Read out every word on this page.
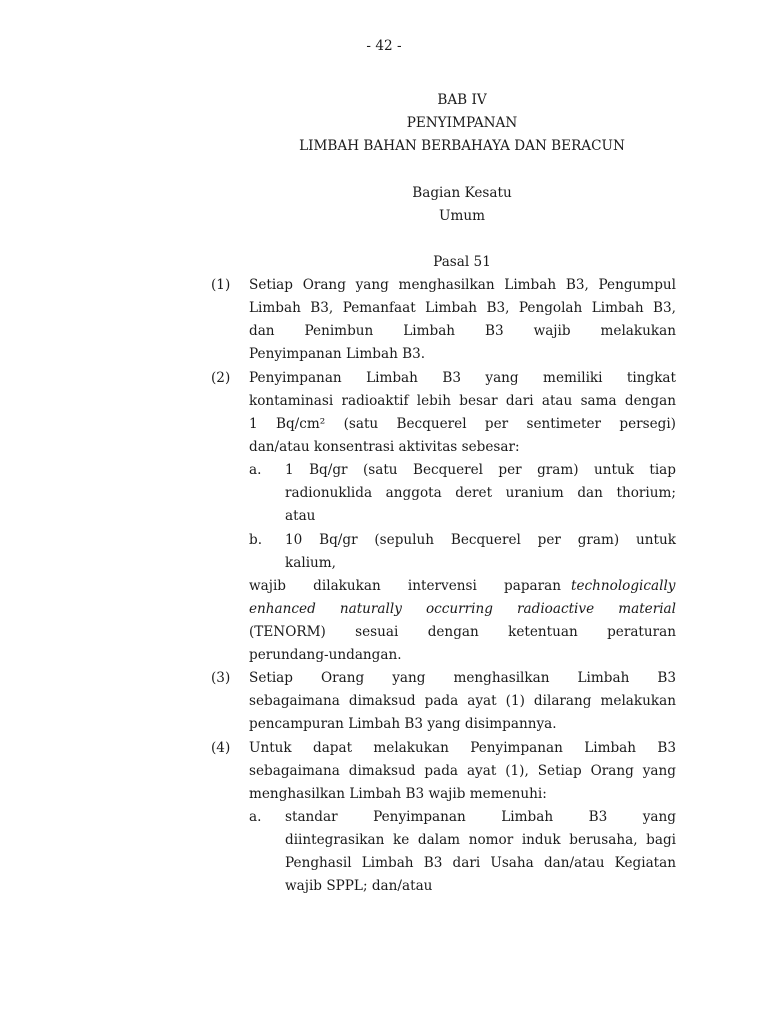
- 42 -
BAB IV
PENYIMPANAN
LIMBAH BAHAN BERBAHAYA DAN BERACUN
Bagian Kesatu
Umum
Pasal 51
(1) Setiap Orang yang menghasilkan Limbah B3, Pengumpul
Limbah B3, Pemanfaat Limbah B3, Pengolah Limbah B3,
dan Penimbun Limbah B3 wajib melakukan
Penyimpanan Limbah B3.
(2) Penyimpanan Limbah B3 yang memiliki tingkat
kontaminasi radioaktif lebih besar dari atau sama dengan
1 Bq/cm² (satu Becquerel per sentimeter persegi)
dan/atau konsentrasi aktivitas sebesar:
a. 1 Bq/gr (satu Becquerel per gram) untuk tiap
radionuklida anggota deret uranium dan thorium;
atau
b. 10 Bq/gr (sepuluh Becquerel per gram) untuk
kalium,
wajib dilakukan intervensi paparan technologically
enhanced naturally occurring radioactive material
(TENORM) sesuai dengan ketentuan peraturan
perundang-undangan.
(3) Setiap Orang yang menghasilkan Limbah B3
sebagaimana dimaksud pada ayat (1) dilarang melakukan
pencampuran Limbah B3 yang disimpannya.
(4) Untuk dapat melakukan Penyimpanan Limbah B3
sebagaimana dimaksud pada ayat (1), Setiap Orang yang
menghasilkan Limbah B3 wajib memenuhi:
a. standar Penyimpanan Limbah B3 yang
diintegrasikan ke dalam nomor induk berusaha, bagi
Penghasil Limbah B3 dari Usaha dan/atau Kegiatan
wajib SPPL; dan/atau
